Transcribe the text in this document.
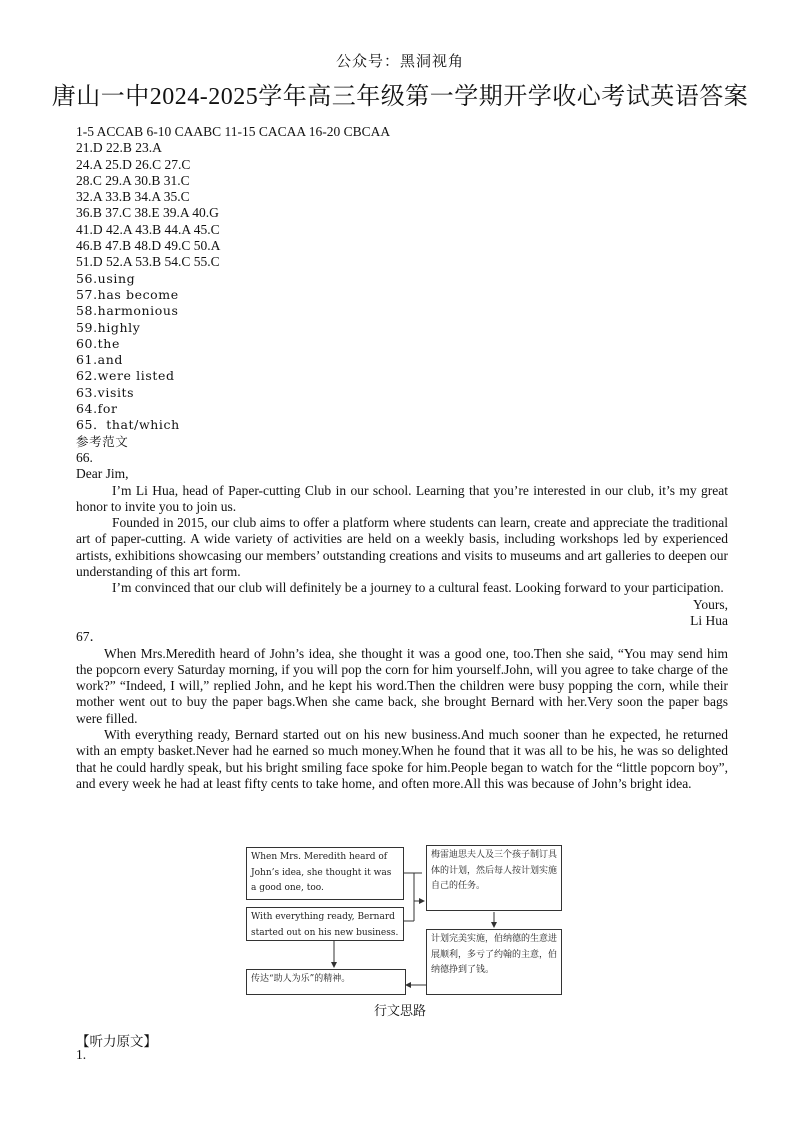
公众号：黑洞视角
唐山一中2024-2025学年高三年级第一学期开学收心考试英语答案
1-5 ACCAB 6-10 CAABC 11-15 CACAA 16-20 CBCAA
21.D 22.B 23.A
24.A 25.D 26.C 27.C
28.C 29.A 30.B 31.C
32.A 33.B 34.A 35.C
36.B 37.C 38.E 39.A 40.G
41.D 42.A 43.B 44.A 45.C
46.B 47.B 48.D 49.C 50.A
51.D 52.A 53.B 54.C 55.C
56.using
57.has become
58.harmonious
59.highly
60.the
61.and
62.were listed
63.visits
64.for
65．that/which
参考范文
66.
Dear Jim,

I’m Li Hua, head of Paper-cutting Club in our school. Learning that you’re interested in our club, it’s my great honor to invite you to join us.

Founded in 2015, our club aims to offer a platform where students can learn, create and appreciate the traditional art of paper-cutting. A wide variety of activities are held on a weekly basis, including workshops led by experienced artists, exhibitions showcasing our members’ outstanding creations and visits to museums and art galleries to deepen our understanding of this art form.

I’m convinced that our club will definitely be a journey to a cultural feast. Looking forward to your participation.

Yours,
Li Hua
67．

When Mrs.Meredith heard of John’s idea, she thought it was a good one, too.Then she said, “You may send him the popcorn every Saturday morning, if you will pop the corn for him yourself.John, will you agree to take charge of the work?” “Indeed, I will,” replied John, and he kept his word.Then the children were busy popping the corn, while their mother went out to buy the paper bags.When she came back, she brought Bernard with her.Very soon the paper bags were filled.

With everything ready, Bernard started out on his new business.And much sooner than he expected, he returned with an empty basket.Never had he earned so much money.When he found that it was all to be his, he was so delighted that he could hardly speak, but his bright smiling face spoke for him.People began to watch for the “little popcorn boy”, and every week he had at least fifty cents to take home, and often more.All this was because of John’s bright idea.

When Mrs. Meredith heard of John’s idea, she thought it was a good one, too.
With everything ready, Bernard started out on his new business.
传达“助人为乐”的精神。
梅雷迪思夫人及三个孩子制订具体的计划，然后每人按计划实施自己的任务。
计划完美实施，伯纳德的生意进展顺利，多亏了约翰的主意，伯纳德挣到了钱。
行文思路
【听力原文】
1.
